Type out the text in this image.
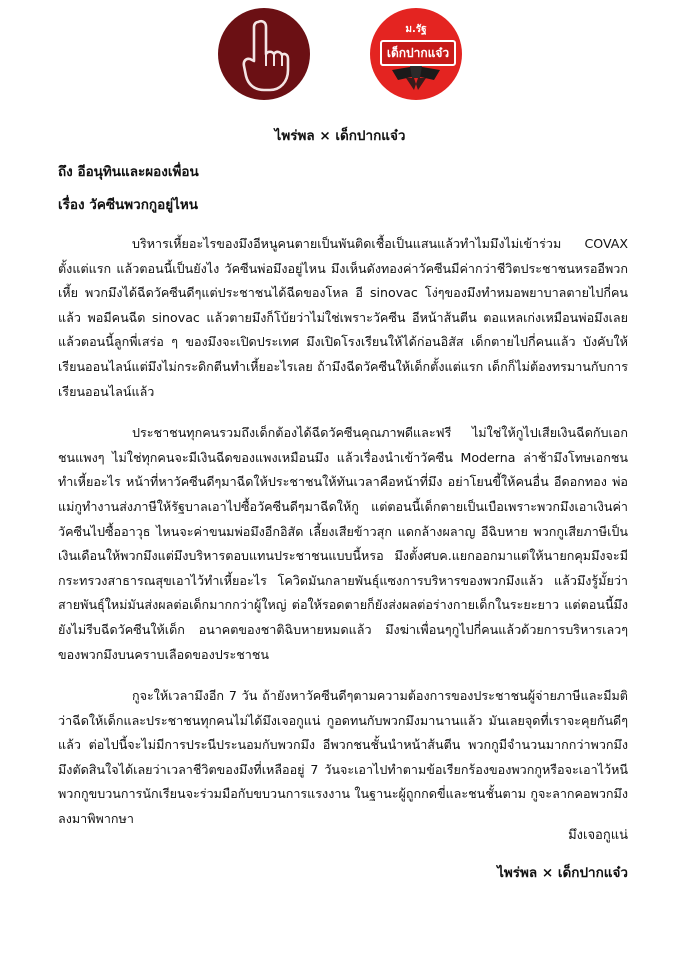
ม.รัฐ
เด็กปากแจ๋ว
ไพร่พล × เด็กปากแจ๋ว
ถึง อีอนุทินและผองเพื่อน
เรื่อง วัคซีนพวกกูอยู่ไหน

บริหารเหี้ยอะไรของมึงอีหนูคนตายเป็นพันติดเชื้อเป็นแสนแล้วทำไมมึงไม่เข้าร่วม COVAX ตั้งแต่แรก แล้วตอนนี้เป็นยังไง วัคซีนพ่อมึงอยู่ไหน มึงเห็นดังทองค่าวัคซีนมีค่ากว่าชีวิตประชาชนหรออีพวกเหี้ย พวกมึงได้ฉีดวัคซีนดีๆแต่ประชาชนได้ฉีดของโหล อี sinovac โง่ๆของมึงทำหมอพยาบาลตายไปกี่คนแล้ว พอมีคนฉีด sinovac แล้วตายมึงก็โบ้ยว่าไม่ใช่เพราะวัคซีน อีหน้าส้นตีน ตอแหลเก่งเหมือนพ่อมึงเลย แล้วตอนนี้ลูกพี่เสร่อ ๆ ของมึงจะเปิดประเทศ มึงเปิดโรงเรียนให้ได้ก่อนอิสัส เด็กตายไปกี่คนแล้ว บังคับให้เรียนออนไลน์แต่มึงไม่กระดิกตีนทำเหี้ยอะไรเลย ถ้ามึงฉีดวัคซีนให้เด็กตั้งแต่แรก เด็กก็ไม่ต้องทรมานกับการเรียนออนไลน์แล้ว

ประชาชนทุกคนรวมถึงเด็กต้องได้ฉีดวัคซีนคุณภาพดีและฟรี ไม่ใช่ให้กูไปเสียเงินฉีดกับเอกชนแพงๆ ไม่ใช่ทุกคนจะมีเงินฉีดของแพงเหมือนมึง แล้วเรื่องนำเข้าวัคซีน Moderna ล่าช้ามึงโทษเอกชนทำเหี้ยอะไร หน้าที่หาวัคซีนดีๆมาฉีดให้ประชาชนให้ทันเวลาคือหน้าที่มึง อย่าโยนขี้ให้คนอื่น อีดอกทอง พ่อแม่กูทำงานส่งภาษีให้รัฐบาลเอาไปซื้อวัคซีนดีๆมาฉีดให้กู แต่ตอนนี้เด็กตายเป็นเบือเพราะพวกมึงเอาเงินค่าวัคซีนไปซื้ออาวุธ ไหนจะค่าขนมพ่อมึงอีกอิสัด เลี้ยงเสียข้าวสุก แดกล้างผลาญ อีฉิบหาย พวกกูเสียภาษีเป็นเงินเดือนให้พวกมึงแต่มึงบริหารตอบแทนประชาชนแบบนี้หรอ มึงตั้งศบค.แยกออกมาแต่ให้นายกคุมมึงจะมีกระทรวงสาธารณสุขเอาไว้ทำเหี้ยอะไร โควิดมันกลายพันธุ์แซงการบริหารของพวกมึงแล้ว แล้วมึงรู้มั้ยว่าสายพันธุ์ใหม่มันส่งผลต่อเด็กมากกว่าผู้ใหญ่ ต่อให้รอดตายก็ยังส่งผลต่อร่างกายเด็กในระยะยาว แต่ตอนนี้มึงยังไม่รีบฉีดวัคซีนให้เด็ก อนาคตของชาติฉิบหายหมดแล้ว มึงฆ่าเพื่อนๆกูไปกี่คนแล้วด้วยการบริหารเลวๆของพวกมึงบนคราบเลือดของประชาชน

กูจะให้เวลามึงอีก 7 วัน ถ้ายังหาวัคซีนดีๆตามความต้องการของประชาชนผู้จ่ายภาษีและมีมติว่าฉีดให้เด็กและประชาชนทุกคนไม่ได้มึงเจอกูแน่ กูอดทนกับพวกมึงมานานแล้ว มันเลยจุดที่เราจะคุยกันดีๆแล้ว ต่อไปนี้จะไม่มีการประนีประนอมกับพวกมึง อีพวกชนชั้นนำหน้าส้นตีน พวกกูมีจำนวนมากกว่าพวกมึง มึงตัดสินใจได้เลยว่าเวลาชีวิตของมึงที่เหลืออยู่ 7 วันจะเอาไปทำตามข้อเรียกร้องของพวกกูหรือจะเอาไว้หนี พวกกูขบวนการนักเรียนจะร่วมมือกับขบวนการแรงงาน ในฐานะผู้ถูกกดขี่และชนชั้นตาม กูจะลากคอพวกมึงลงมาพิพากษา

มึงเจอกูแน่
ไพร่พล × เด็กปากแจ๋ว
